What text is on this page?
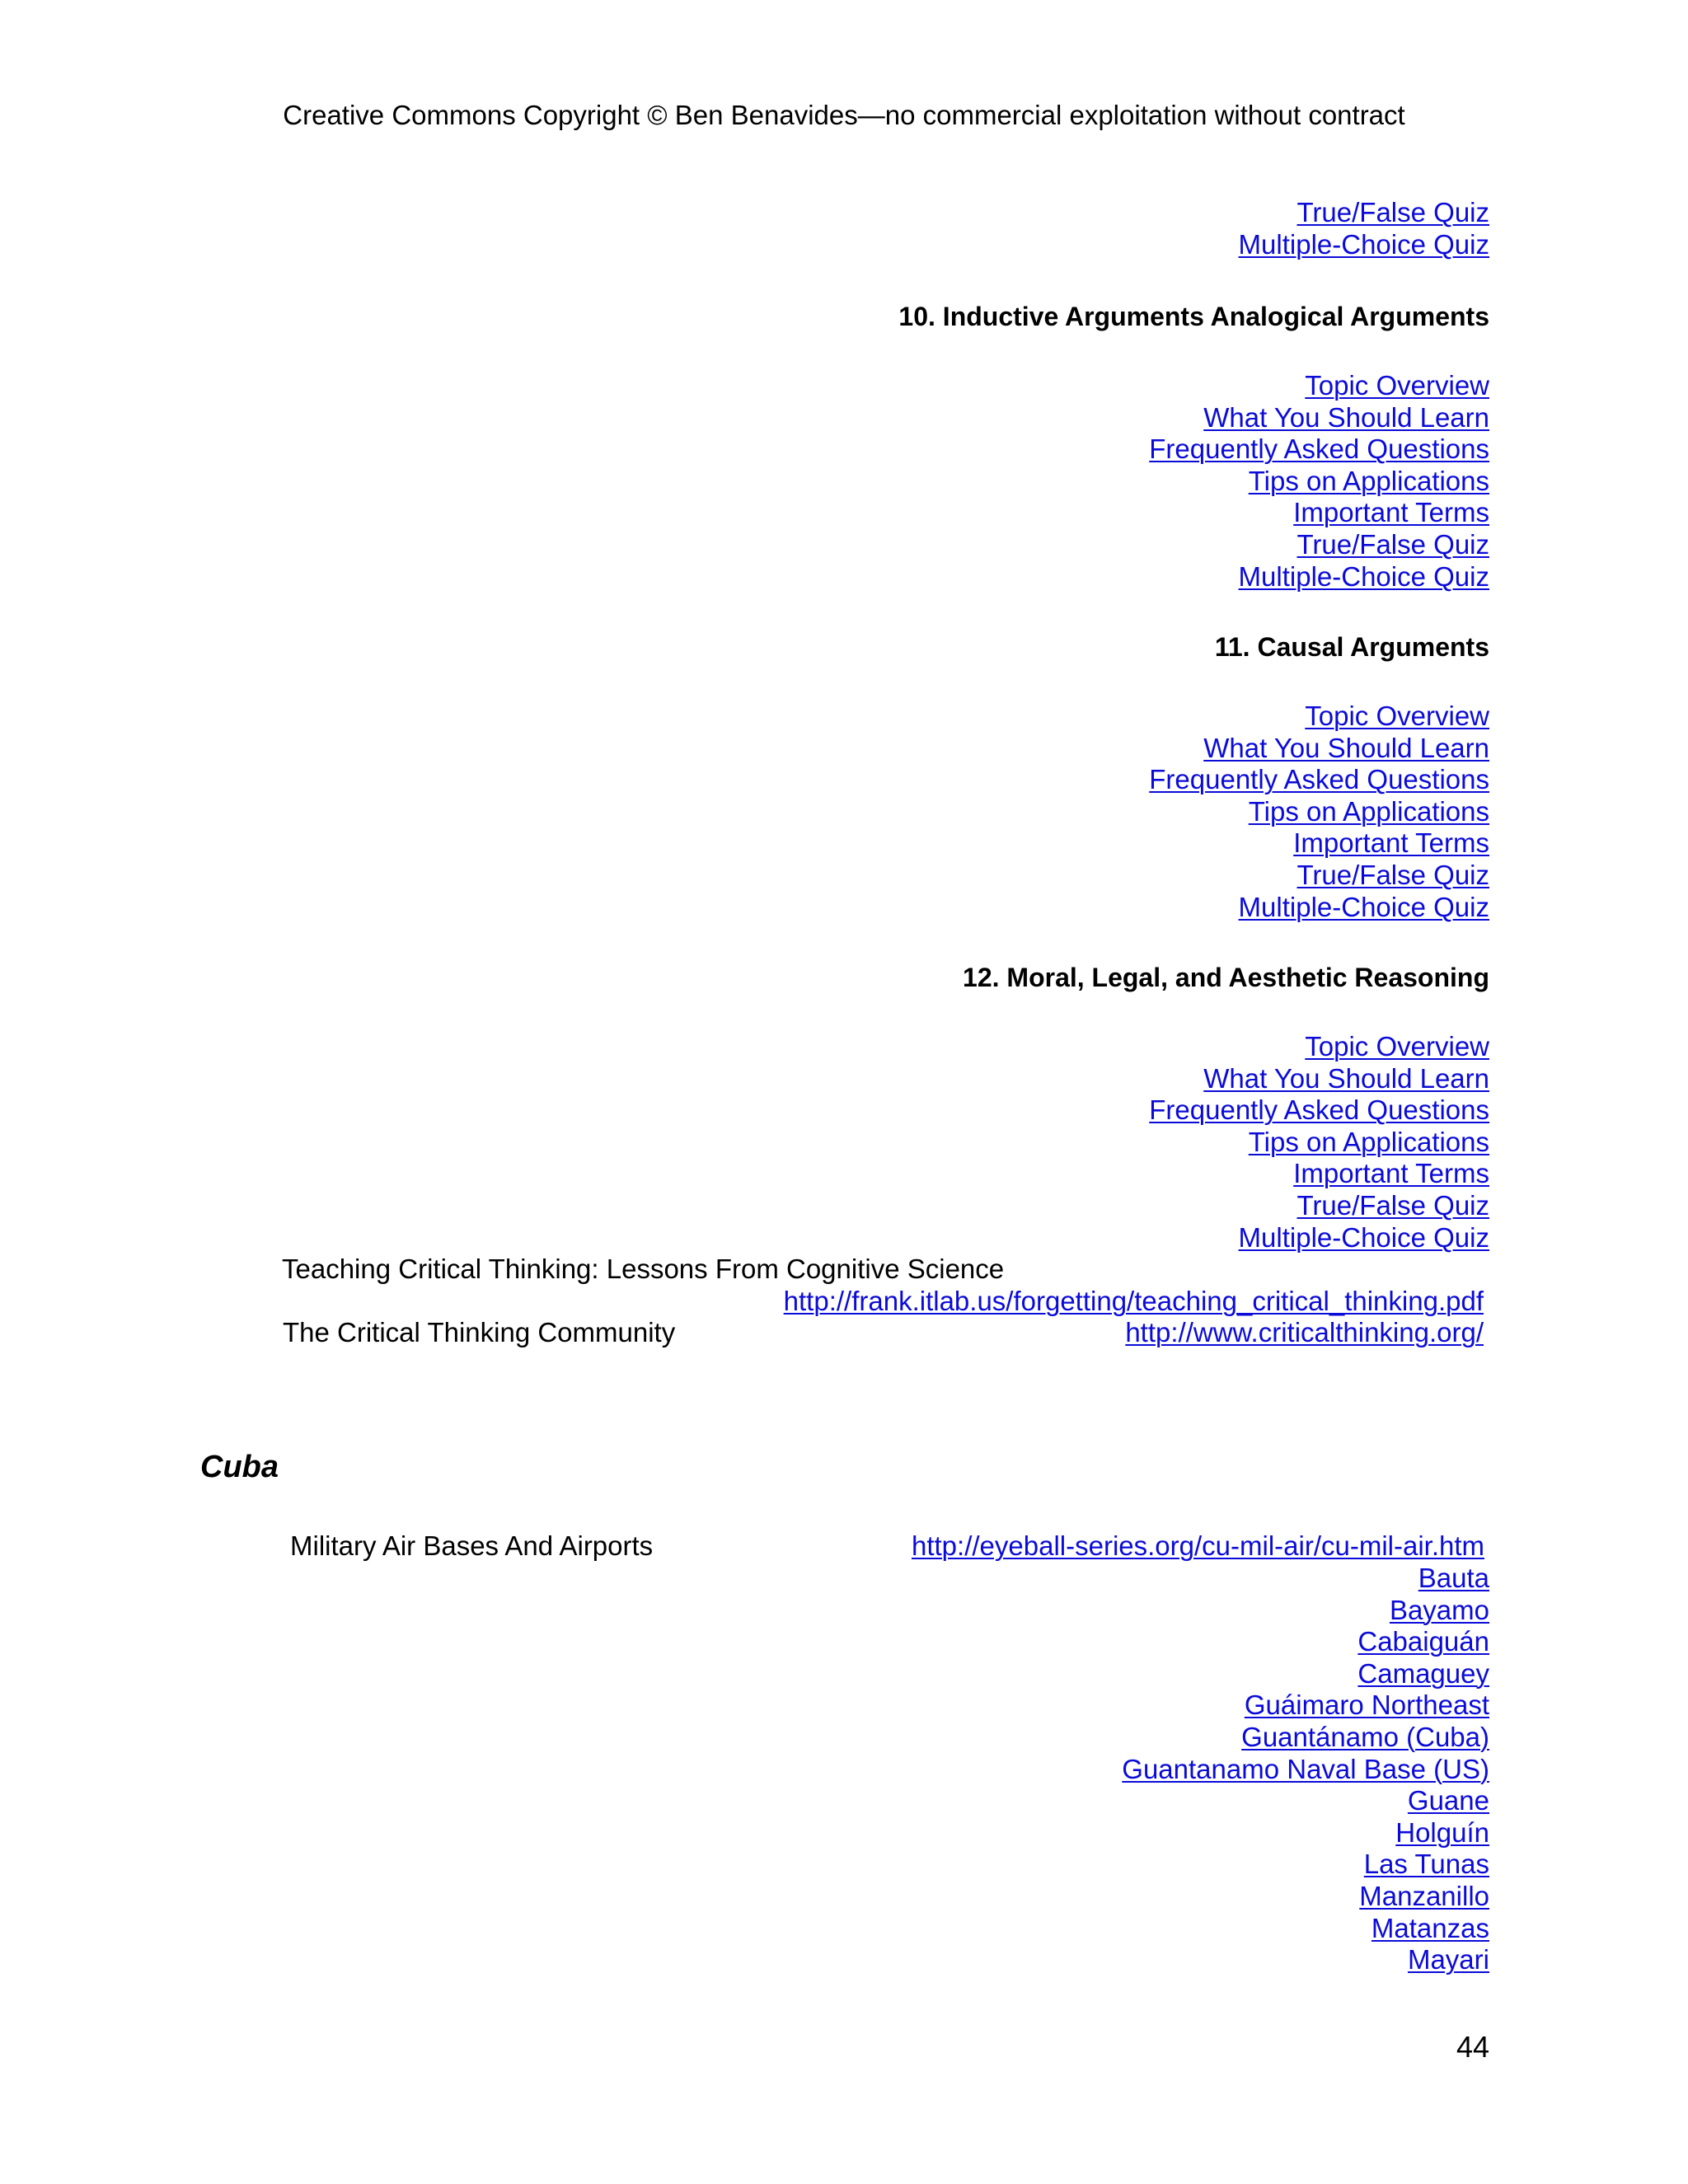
Creative Commons Copyright © Ben Benavides—no commercial exploitation without contract
True/False Quiz
Multiple-Choice Quiz
10. Inductive Arguments Analogical Arguments
Topic Overview
What You Should Learn
Frequently Asked Questions
Tips on Applications
Important Terms
True/False Quiz
Multiple-Choice Quiz
11. Causal Arguments
Topic Overview
What You Should Learn
Frequently Asked Questions
Tips on Applications
Important Terms
True/False Quiz
Multiple-Choice Quiz
12. Moral, Legal, and Aesthetic Reasoning
Topic Overview
What You Should Learn
Frequently Asked Questions
Tips on Applications
Important Terms
True/False Quiz
Multiple-Choice Quiz
Teaching Critical Thinking: Lessons From Cognitive Science
http://frank.itlab.us/forgetting/teaching_critical_thinking.pdf
The Critical Thinking Community	http://www.criticalthinking.org/
Cuba
Military Air Bases And Airports	http://eyeball-series.org/cu-mil-air/cu-mil-air.htm
Bauta
Bayamo
Cabaiguán
Camaguey
Guáimaro Northeast
Guantánamo (Cuba)
Guantanamo Naval Base (US)
Guane
Holguín
Las Tunas
Manzanillo
Matanzas
Mayari
44
